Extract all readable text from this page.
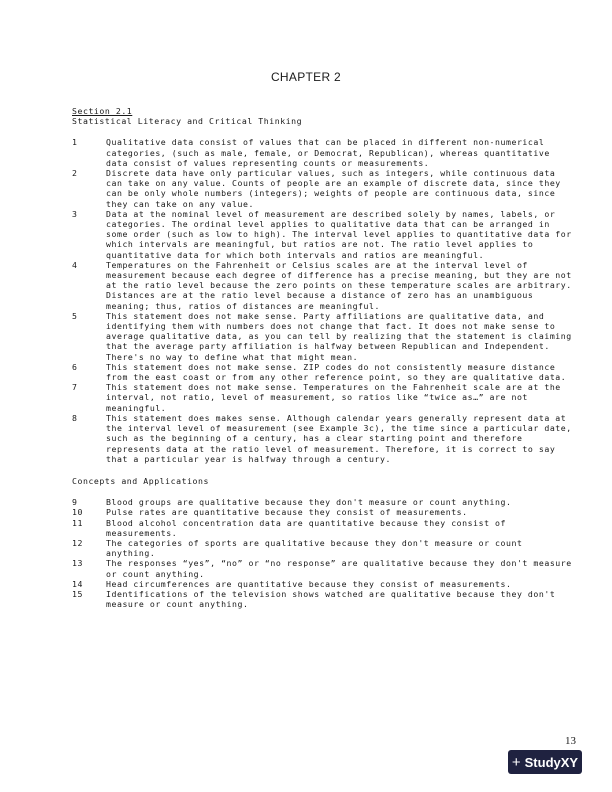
CHAPTER 2
Section 2.1
Statistical Literacy and Critical Thinking
1	Qualitative data consist of values that can be placed in different non-numerical categories, (such as male, female, or Democrat, Republican), whereas quantitative data consist of values representing counts or measurements.
2	Discrete data have only particular values, such as integers, while continuous data can take on any value. Counts of people are an example of discrete data, since they can be only whole numbers (integers); weights of people are continuous data, since they can take on any value.
3	Data at the nominal level of measurement are described solely by names, labels, or categories. The ordinal level applies to qualitative data that can be arranged in some order (such as low to high). The interval level applies to quantitative data for which intervals are meaningful, but ratios are not. The ratio level applies to quantitative data for which both intervals and ratios are meaningful.
4	Temperatures on the Fahrenheit or Celsius scales are at the interval level of measurement because each degree of difference has a precise meaning, but they are not at the ratio level because the zero points on these temperature scales are arbitrary. Distances are at the ratio level because a distance of zero has an unambiguous meaning; thus, ratios of distances are meaningful.
5	This statement does not make sense. Party affiliations are qualitative data, and identifying them with numbers does not change that fact. It does not make sense to average qualitative data, as you can tell by realizing that the statement is claiming that the average party affiliation is halfway between Republican and Independent. There's no way to define what that might mean.
6	This statement does not make sense. ZIP codes do not consistently measure distance from the east coast or from any other reference point, so they are qualitative data.
7	This statement does not make sense. Temperatures on the Fahrenheit scale are at the interval, not ratio, level of measurement, so ratios like “twice as…” are not meaningful.
8	This statement does makes sense. Although calendar years generally represent data at the interval level of measurement (see Example 3c), the time since a particular date, such as the beginning of a century, has a clear starting point and therefore represents data at the ratio level of measurement. Therefore, it is correct to say that a particular year is halfway through a century.
Concepts and Applications
9	Blood groups are qualitative because they don't measure or count anything.
10	Pulse rates are quantitative because they consist of measurements.
11	Blood alcohol concentration data are quantitative because they consist of measurements.
12	The categories of sports are qualitative because they don't measure or count anything.
13	The responses “yes”, “no” or “no response” are qualitative because they don't measure or count anything.
14	Head circumferences are quantitative because they consist of measurements.
15	Identifications of the television shows watched are qualitative because they don't measure or count anything.
13
+ StudyXY
